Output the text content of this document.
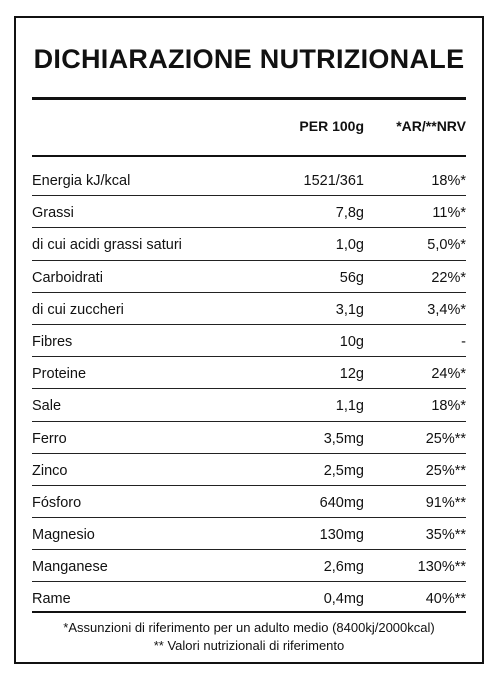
DICHIARAZIONE NUTRIZIONALE
PER 100g *AR/**NRV
Energia kJ/kcal	1521/361	18%*
Grassi	7,8g	11%*
di cui acidi grassi saturi	1,0g	5,0%*
Carboidrati	56g	22%*
di cui zuccheri	3,1g	3,4%*
Fibres	10g	-
Proteine	12g	24%*
Sale	1,1g	18%*
Ferro	3,5mg	25%**
Zinco	2,5mg	25%**
Fósforo	640mg	91%**
Magnesio	130mg	35%**
Manganese	2,6mg	130%**
Rame	0,4mg	40%**
*Assunzioni di riferimento per un adulto medio (8400kj/2000kcal)
** Valori nutrizionali di riferimento
